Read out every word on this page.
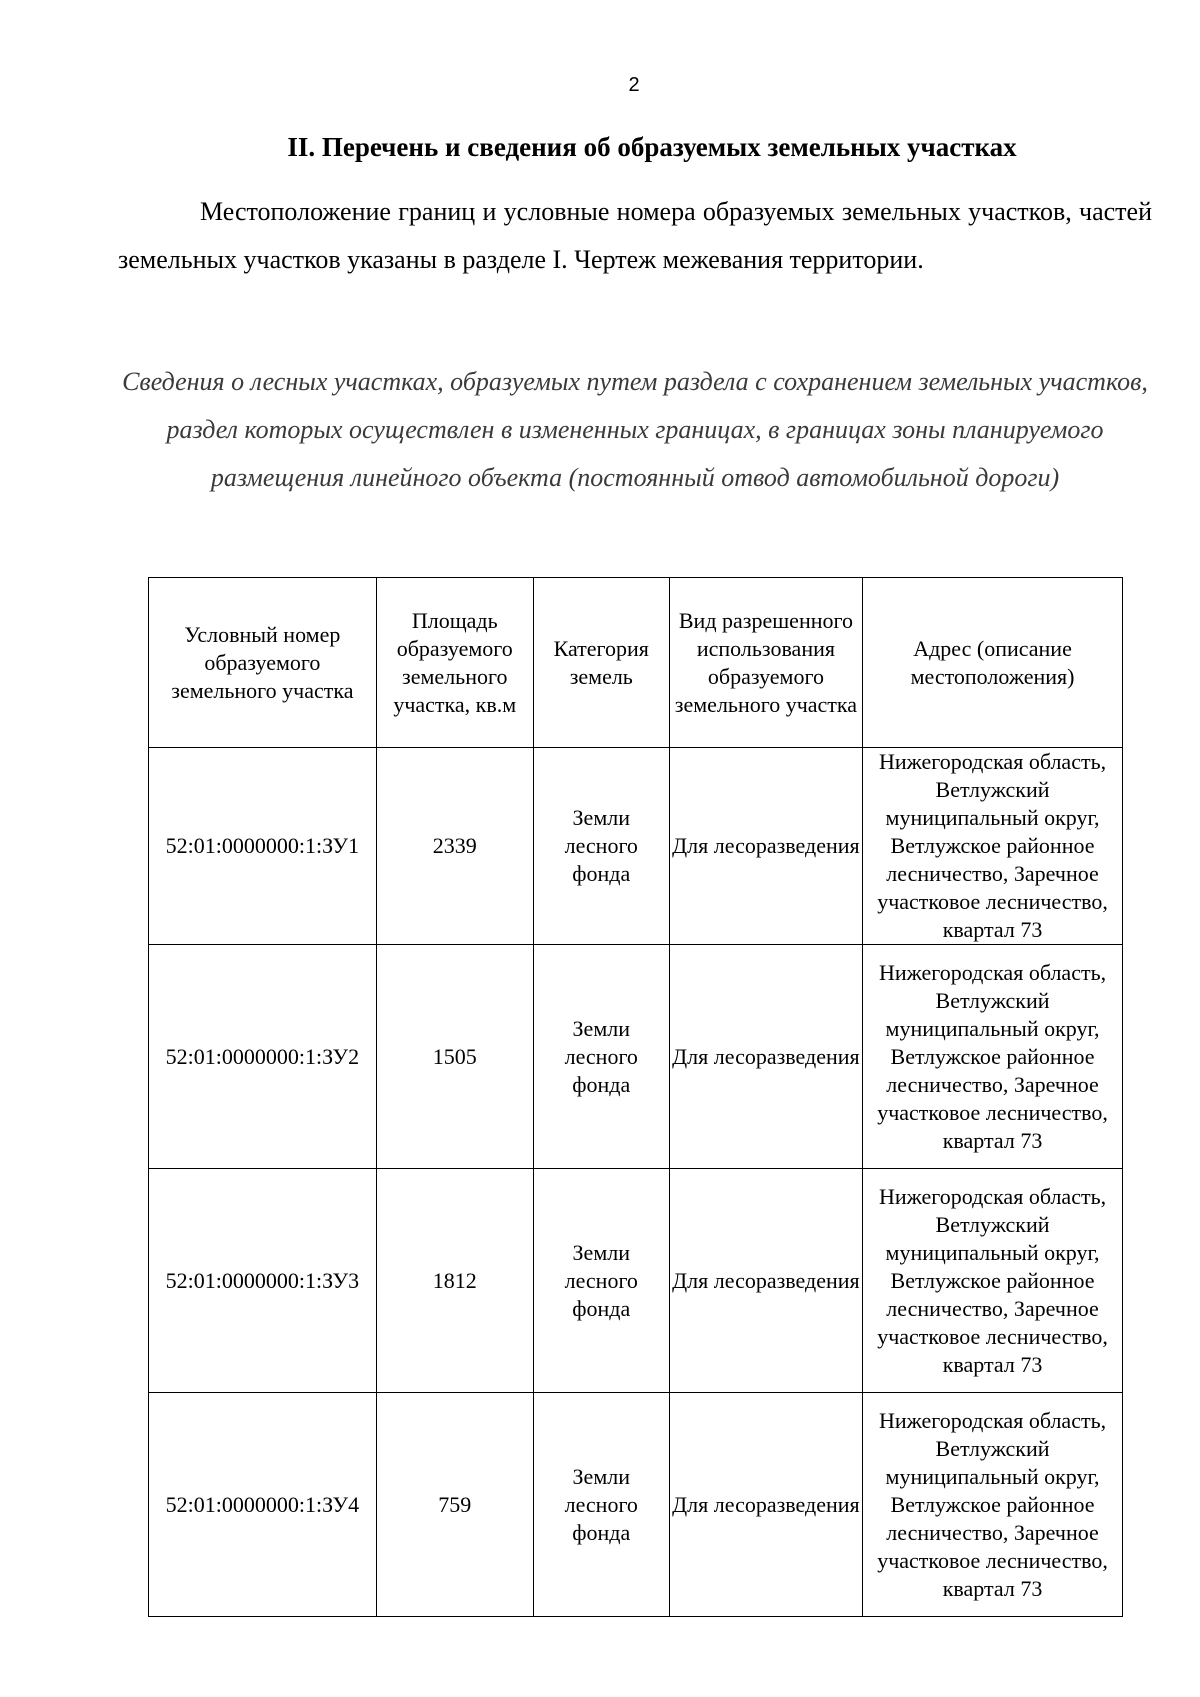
2
II. Перечень и сведения об образуемых земельных участках
Местоположение границ и условные номера образуемых земельных участков, частей земельных участков указаны в разделе I. Чертеж межевания территории.
Сведения о лесных участках, образуемых путем раздела с сохранением земельных участков, раздел которых осуществлен в измененных границах, в границах зоны планируемого размещения линейного объекта (постоянный отвод автомобильной дороги)
Условный номер образуемого земельного участка	Площадь образуемого земельного участка, кв.м	Категория земель	Вид разрешенного использования образуемого земельного участка	Адрес (описание местоположения)
52:01:0000000:1:ЗУ1	2339	Земли лесного фонда	Для лесоразведения	Нижегородская область, Ветлужский муниципальный округ, Ветлужское районное лесничество, Заречное участковое лесничество, квартал 73
52:01:0000000:1:ЗУ2	1505	Земли лесного фонда	Для лесоразведения	Нижегородская область, Ветлужский муниципальный округ, Ветлужское районное лесничество, Заречное участковое лесничество, квартал 73
52:01:0000000:1:ЗУ3	1812	Земли лесного фонда	Для лесоразведения	Нижегородская область, Ветлужский муниципальный округ, Ветлужское районное лесничество, Заречное участковое лесничество, квартал 73
52:01:0000000:1:ЗУ4	759	Земли лесного фонда	Для лесоразведения	Нижегородская область, Ветлужский муниципальный округ, Ветлужское районное лесничество, Заречное участковое лесничество, квартал 73
